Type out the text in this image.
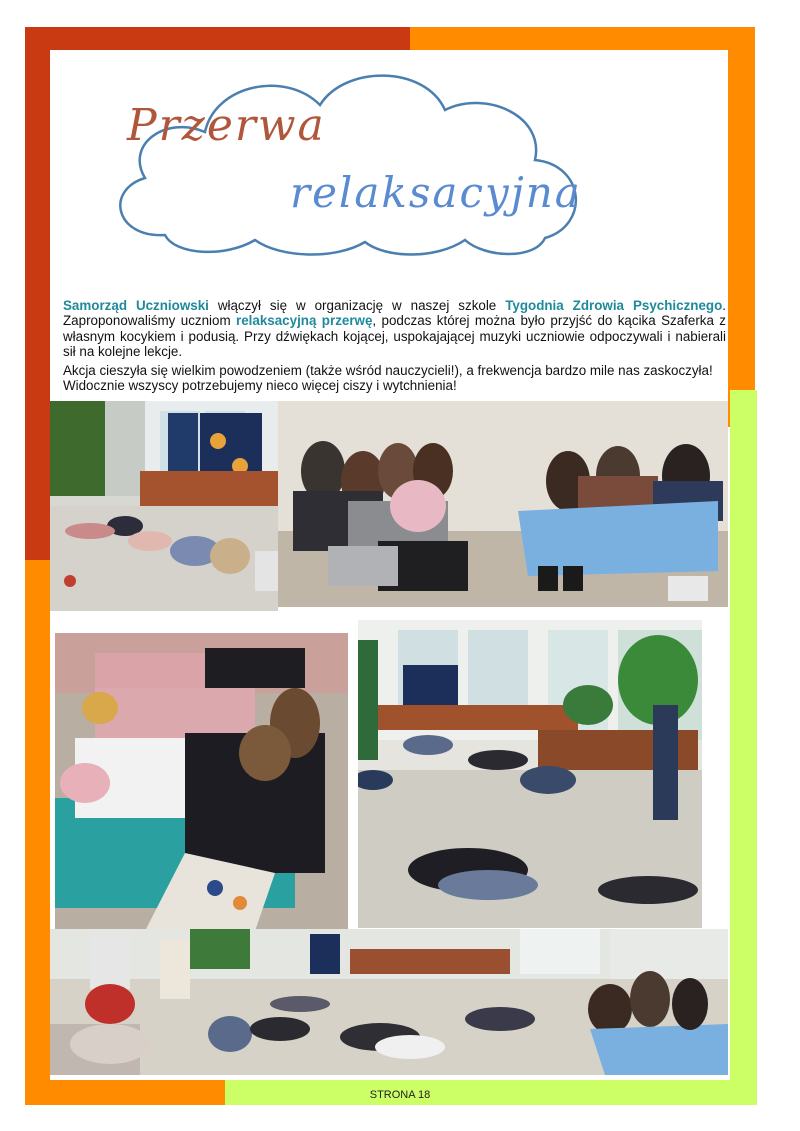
Przerwa
relaksacyjna

Samorząd Uczniowski włączył się w organizację w naszej szkole Tygodnia Zdrowia Psychicznego. Zaproponowaliśmy uczniom relaksacyjną przerwę, podczas której można było przyjść do kącika Szaferka z własnym kocykiem i podusią. Przy dźwiękach kojącej, uspokajającej muzyki uczniowie odpoczywali i nabierali sił na kolejne lekcje.

Akcja cieszyła się wielkim powodzeniem (także wśród nauczycieli!), a frekwencja bardzo mile nas zaskoczyła! Widocznie wszyscy potrzebujemy nieco więcej ciszy i wytchnienia!

STRONA 18
